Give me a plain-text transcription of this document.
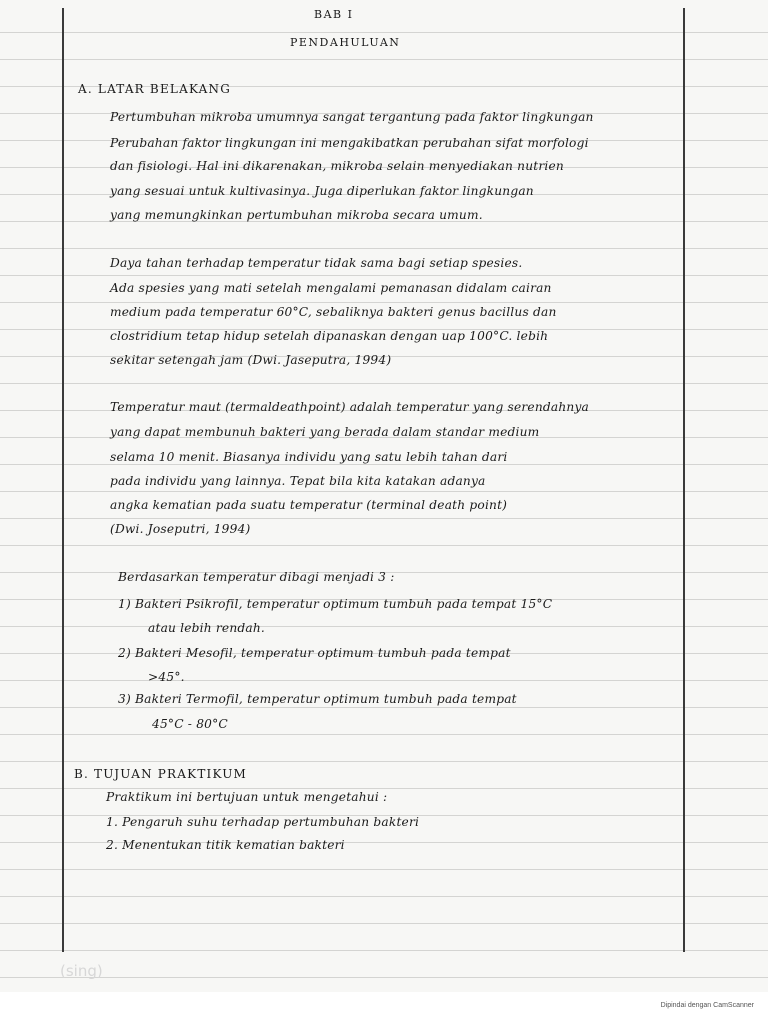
BAB I
PENDAHULUAN
A. LATAR BELAKANG
Pertumbuhan mikroba umumnya sangat tergantung pada faktor lingkungan
Perubahan faktor lingkungan ini mengakibatkan perubahan sifat morfologi
dan fisiologi. Hal ini dikarenakan, mikroba selain menyediakan nutrien
yang sesuai untuk kultivasinya. Juga diperlukan faktor lingkungan
yang memungkinkan pertumbuhan mikroba secara umum.
Daya tahan terhadap temperatur tidak sama bagi setiap spesies.
Ada spesies yang mati setelah mengalami pemanasan didalam cairan
medium pada temperatur 60°C, sebaliknya bakteri genus bacillus dan
clostridium tetap hidup setelah dipanaskan dengan uap 100°C. lebih
sekitar setengah jam (Dwi. Jaseputra, 1994)
Temperatur maut (termaldeathpoint) adalah temperatur yang serendahnya
yang dapat membunuh bakteri yang berada dalam standar medium
selama 10 menit. Biasanya individu yang satu lebih tahan dari
pada individu yang lainnya. Tepat bila kita katakan adanya
angka kematian pada suatu temperatur (terminal death point)
(Dwi. Joseputri, 1994)
Berdasarkan temperatur dibagi menjadi 3 :
1) Bakteri Psikrofil, temperatur optimum tumbuh pada tempat 15°C
atau lebih rendah.
2) Bakteri Mesofil, temperatur optimum tumbuh pada tempat
>45°.
3) Bakteri Termofil, temperatur optimum tumbuh pada tempat
45°C - 80°C
B. TUJUAN PRAKTIKUM
Praktikum ini bertujuan untuk mengetahui :
1. Pengaruh suhu terhadap pertumbuhan bakteri
2. Menentukan titik kematian bakteri
(sing)
Dipindai dengan CamScanner
